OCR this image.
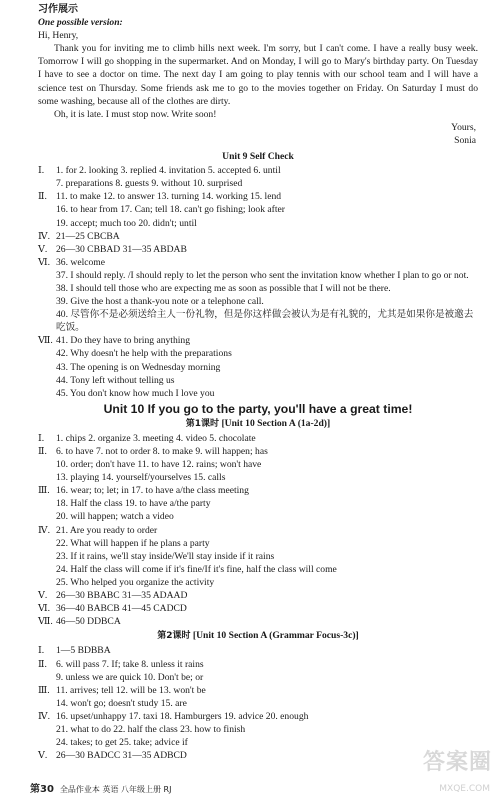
习作展示
One possible version:
Hi, Henry,
Thank you for inviting me to climb hills next week. I'm sorry, but I can't come. I have a really busy week. Tomorrow I will go shopping in the supermarket. And on Monday, I will go to Mary's birthday party. On Tuesday I have to see a doctor on time. The next day I am going to play tennis with our school team and I will have a science test on Thursday. Some friends ask me to go to the movies together on Friday. On Saturday I must do some washing, because all of the clothes are dirty.
Oh, it is late. I must stop now. Write soon!
Yours,
Sonia
Unit 9 Self Check
Ⅰ.	1. for 2. looking 3. replied 4. invitation 5. accepted 6. until
7. preparations 8. guests 9. without 10. surprised
Ⅱ. 11. to make 12. to answer 13. turning 14. working 15. lend
16. to hear from 17. Can; tell 18. can't go fishing; look after
19. accept; much too 20. didn't; until
Ⅳ. 21—25 CBCBA
Ⅴ. 26—30 CBBAD 31—35 ABDAB
Ⅵ. 36. welcome
37. I should reply. /I should reply to let the person who sent the invitation know whether I plan to go or not.
38. I should tell those who are expecting me as soon as possible that I will not be there.
39. Give the host a thank-you note or a telephone call.
40. 尽管你不是必须送给主人一份礼物，但是你这样做会被认为是有礼貌的，尤其是如果你是被邀去吃饭。
Ⅶ. 41. Do they have to bring anything
42. Why doesn't he help with the preparations
43. The opening is on Wednesday morning
44. Tony left without telling us
45. You don't know how much I love you
Unit 10 If you go to the party, you'll have a great time!
第1课时 [Unit 10 Section A (1a-2d)]
Ⅰ.	1. chips 2. organize 3. meeting 4. video 5. chocolate
Ⅱ. 6. to have 7. not to order 8. to make 9. will happen; has
10. order; don't have 11. to have 12. rains; won't have
13. playing 14. yourself/yourselves 15. calls
Ⅲ. 16. wear; to; let; in 17. to have a/the class meeting
18. Half the class 19. to have a/the party
20. will happen; watch a video
Ⅳ. 21. Are you ready to order
22. What will happen if he plans a party
23. If it rains, we'll stay inside/We'll stay inside if it rains
24. Half the class will come if it's fine/If it's fine, half the class will come
25. Who helped you organize the activity
Ⅴ. 26—30 BBABC 31—35 ADAAD
Ⅵ. 36—40 BABCB 41—45 CADCD
Ⅶ. 46—50 DDBCA
第2课时 [Unit 10 Section A (Grammar Focus-3c)]
Ⅰ.	1—5 BDBBA
Ⅱ. 6. will pass 7. If; take 8. unless it rains
9. unless we are quick 10. Don't be; or
Ⅲ. 11. arrives; tell 12. will be 13. won't be
14. won't go; doesn't study 15. are
Ⅳ. 16. upset/unhappy 17. taxi 18. Hamburgers 19. advice 20. enough
21. what to do 22. half the class 23. how to finish
24. takes; to get 25. take; advice if
Ⅴ. 26—30 BADCC 31—35 ADBCD
第30 全品作业本 英语 八年级上册 RJ
答案圈
MXQE.COM
